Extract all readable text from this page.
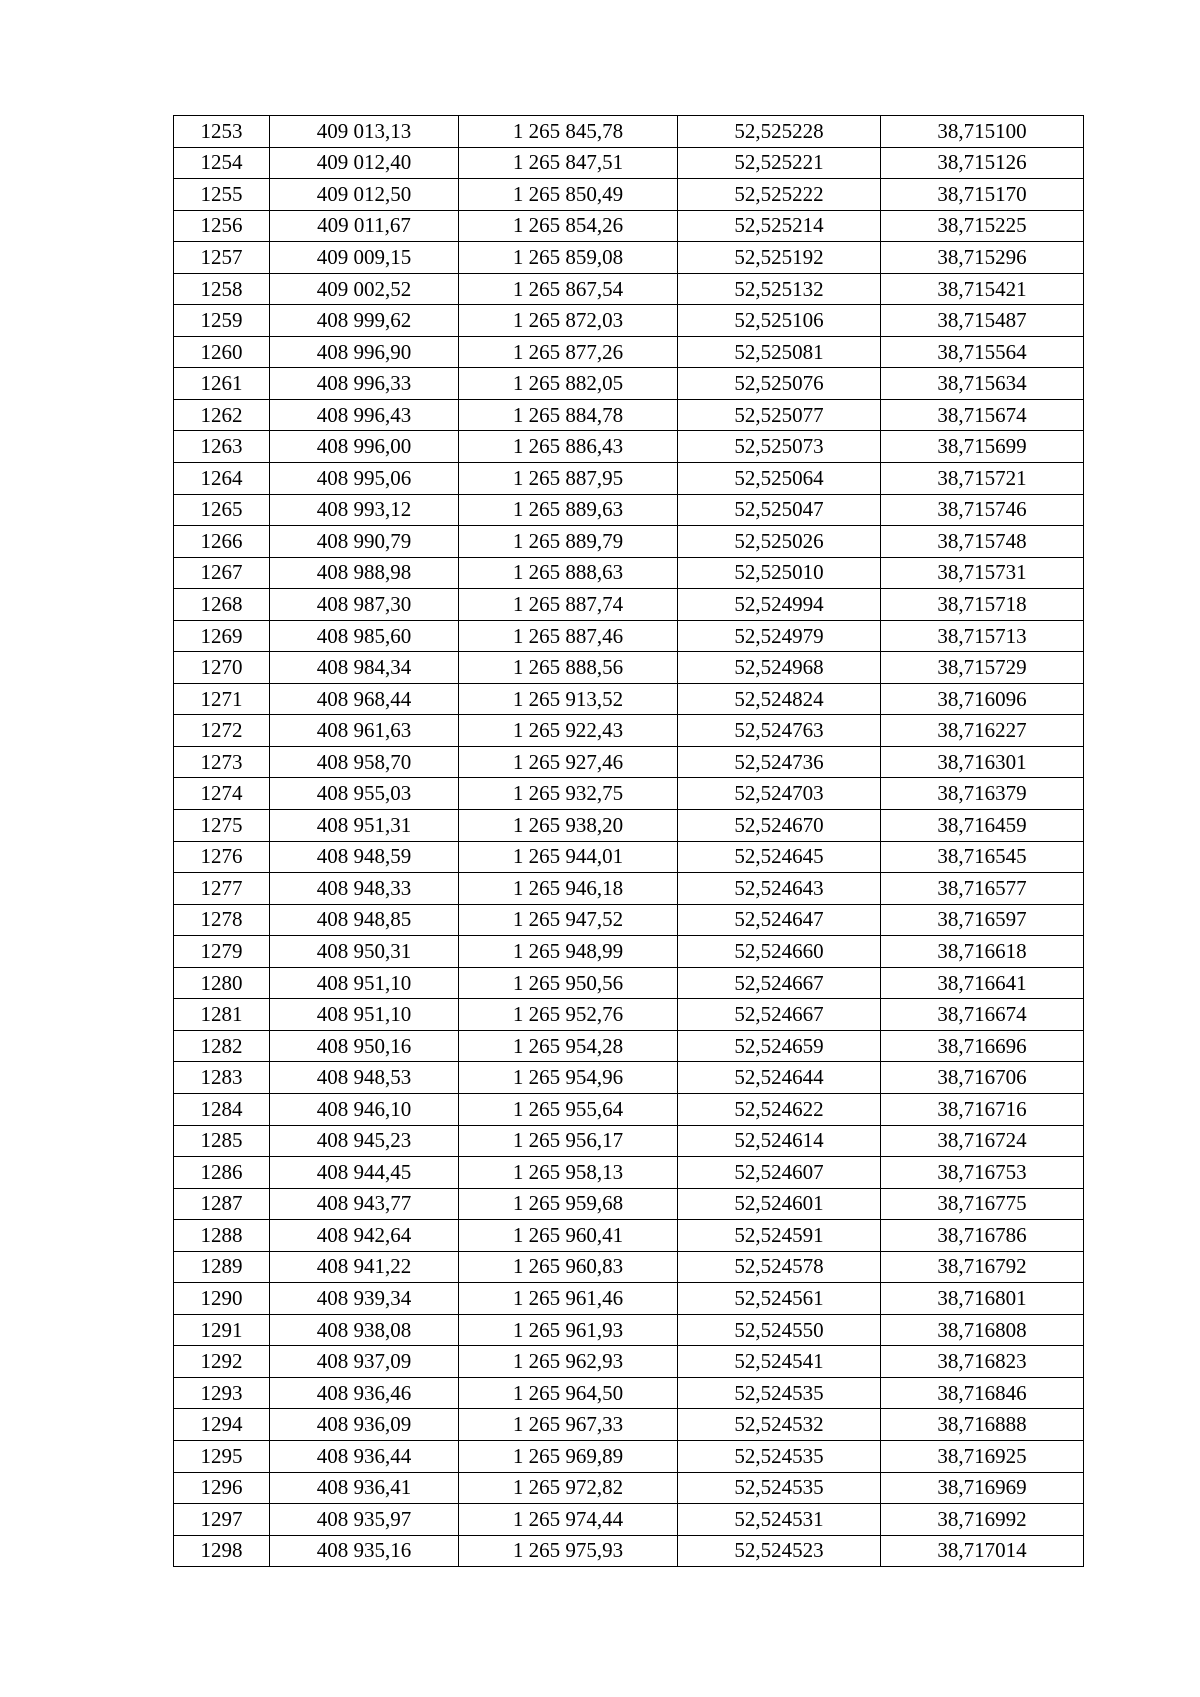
1253	409 013,13	1 265 845,78	52,525228	38,715100
1254	409 012,40	1 265 847,51	52,525221	38,715126
1255	409 012,50	1 265 850,49	52,525222	38,715170
1256	409 011,67	1 265 854,26	52,525214	38,715225
1257	409 009,15	1 265 859,08	52,525192	38,715296
1258	409 002,52	1 265 867,54	52,525132	38,715421
1259	408 999,62	1 265 872,03	52,525106	38,715487
1260	408 996,90	1 265 877,26	52,525081	38,715564
1261	408 996,33	1 265 882,05	52,525076	38,715634
1262	408 996,43	1 265 884,78	52,525077	38,715674
1263	408 996,00	1 265 886,43	52,525073	38,715699
1264	408 995,06	1 265 887,95	52,525064	38,715721
1265	408 993,12	1 265 889,63	52,525047	38,715746
1266	408 990,79	1 265 889,79	52,525026	38,715748
1267	408 988,98	1 265 888,63	52,525010	38,715731
1268	408 987,30	1 265 887,74	52,524994	38,715718
1269	408 985,60	1 265 887,46	52,524979	38,715713
1270	408 984,34	1 265 888,56	52,524968	38,715729
1271	408 968,44	1 265 913,52	52,524824	38,716096
1272	408 961,63	1 265 922,43	52,524763	38,716227
1273	408 958,70	1 265 927,46	52,524736	38,716301
1274	408 955,03	1 265 932,75	52,524703	38,716379
1275	408 951,31	1 265 938,20	52,524670	38,716459
1276	408 948,59	1 265 944,01	52,524645	38,716545
1277	408 948,33	1 265 946,18	52,524643	38,716577
1278	408 948,85	1 265 947,52	52,524647	38,716597
1279	408 950,31	1 265 948,99	52,524660	38,716618
1280	408 951,10	1 265 950,56	52,524667	38,716641
1281	408 951,10	1 265 952,76	52,524667	38,716674
1282	408 950,16	1 265 954,28	52,524659	38,716696
1283	408 948,53	1 265 954,96	52,524644	38,716706
1284	408 946,10	1 265 955,64	52,524622	38,716716
1285	408 945,23	1 265 956,17	52,524614	38,716724
1286	408 944,45	1 265 958,13	52,524607	38,716753
1287	408 943,77	1 265 959,68	52,524601	38,716775
1288	408 942,64	1 265 960,41	52,524591	38,716786
1289	408 941,22	1 265 960,83	52,524578	38,716792
1290	408 939,34	1 265 961,46	52,524561	38,716801
1291	408 938,08	1 265 961,93	52,524550	38,716808
1292	408 937,09	1 265 962,93	52,524541	38,716823
1293	408 936,46	1 265 964,50	52,524535	38,716846
1294	408 936,09	1 265 967,33	52,524532	38,716888
1295	408 936,44	1 265 969,89	52,524535	38,716925
1296	408 936,41	1 265 972,82	52,524535	38,716969
1297	408 935,97	1 265 974,44	52,524531	38,716992
1298	408 935,16	1 265 975,93	52,524523	38,717014
